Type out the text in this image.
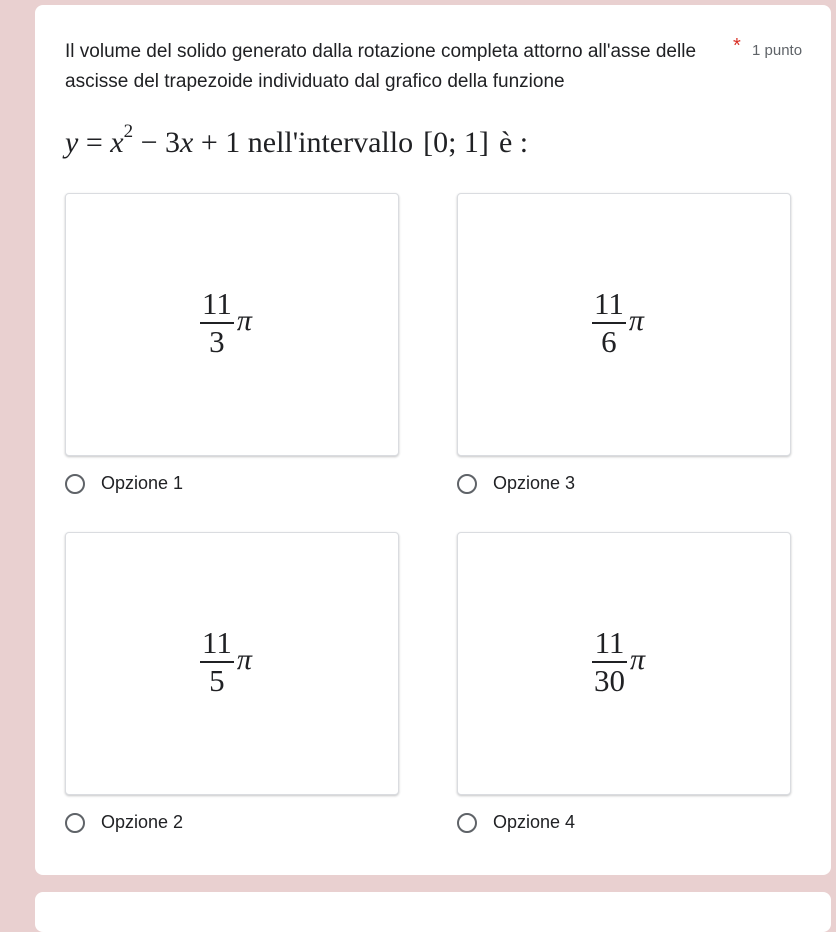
Il volume del solido generato dalla rotazione completa attorno all'asse delle ascisse del trapezoide individuato dal grafico della funzione
* 1 punto
$y = x^2 - 3x + 1$ nell'intervallo [0; 1] è :
$\frac{11}{3}$ π
Opzione 1
$\frac{11}{6}$ π
Opzione 3
$\frac{11}{5}$ π
Opzione 2
$\frac{11}{30}$ π
Opzione 4
